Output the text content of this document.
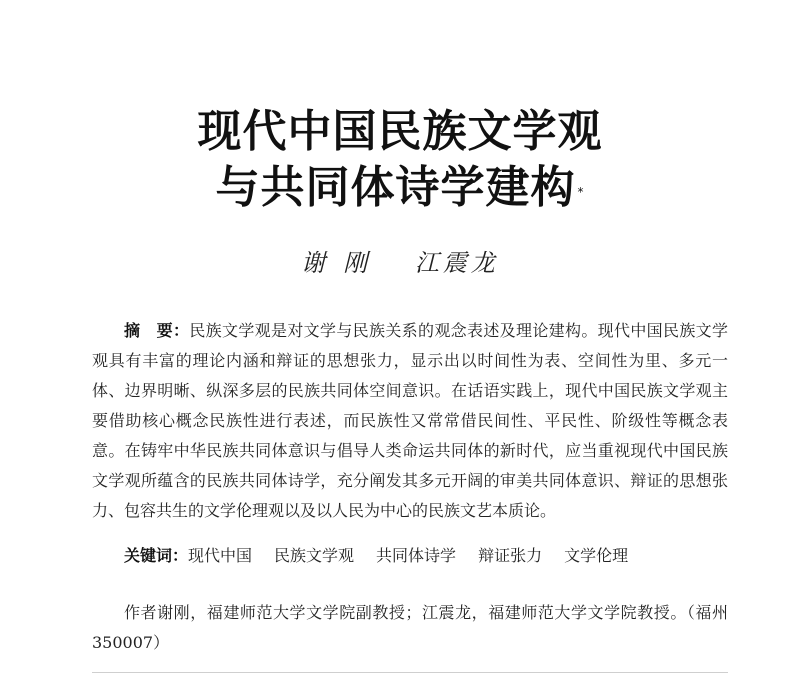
现代中国民族文学观
与共同体诗学建构 *
谢刚 江震龙
摘　要：民族文学观是对文学与民族关系的观念表述及理论建构。现代中国民族文学观具有丰富的理论内涵和辩证的思想张力，显示出以时间性为表、空间性为里、多元一体、边界明晰、纵深多层的民族共同体空间意识。在话语实践上，现代中国民族文学观主要借助核心概念民族性进行表述，而民族性又常常借民间性、平民性、阶级性等概念表意。在铸牢中华民族共同体意识与倡导人类命运共同体的新时代，应当重视现代中国民族文学观所蕴含的民族共同体诗学，充分阐发其多元开阔的审美共同体意识、辩证的思想张力、包容共生的文学伦理观以及以人民为中心的民族文艺本质论。
关键词：现代中国 民族文学观 共同体诗学 辩证张力 文学伦理
作者谢刚，福建师范大学文学院副教授；江震龙，福建师范大学文学院教授。（福州　350007）
